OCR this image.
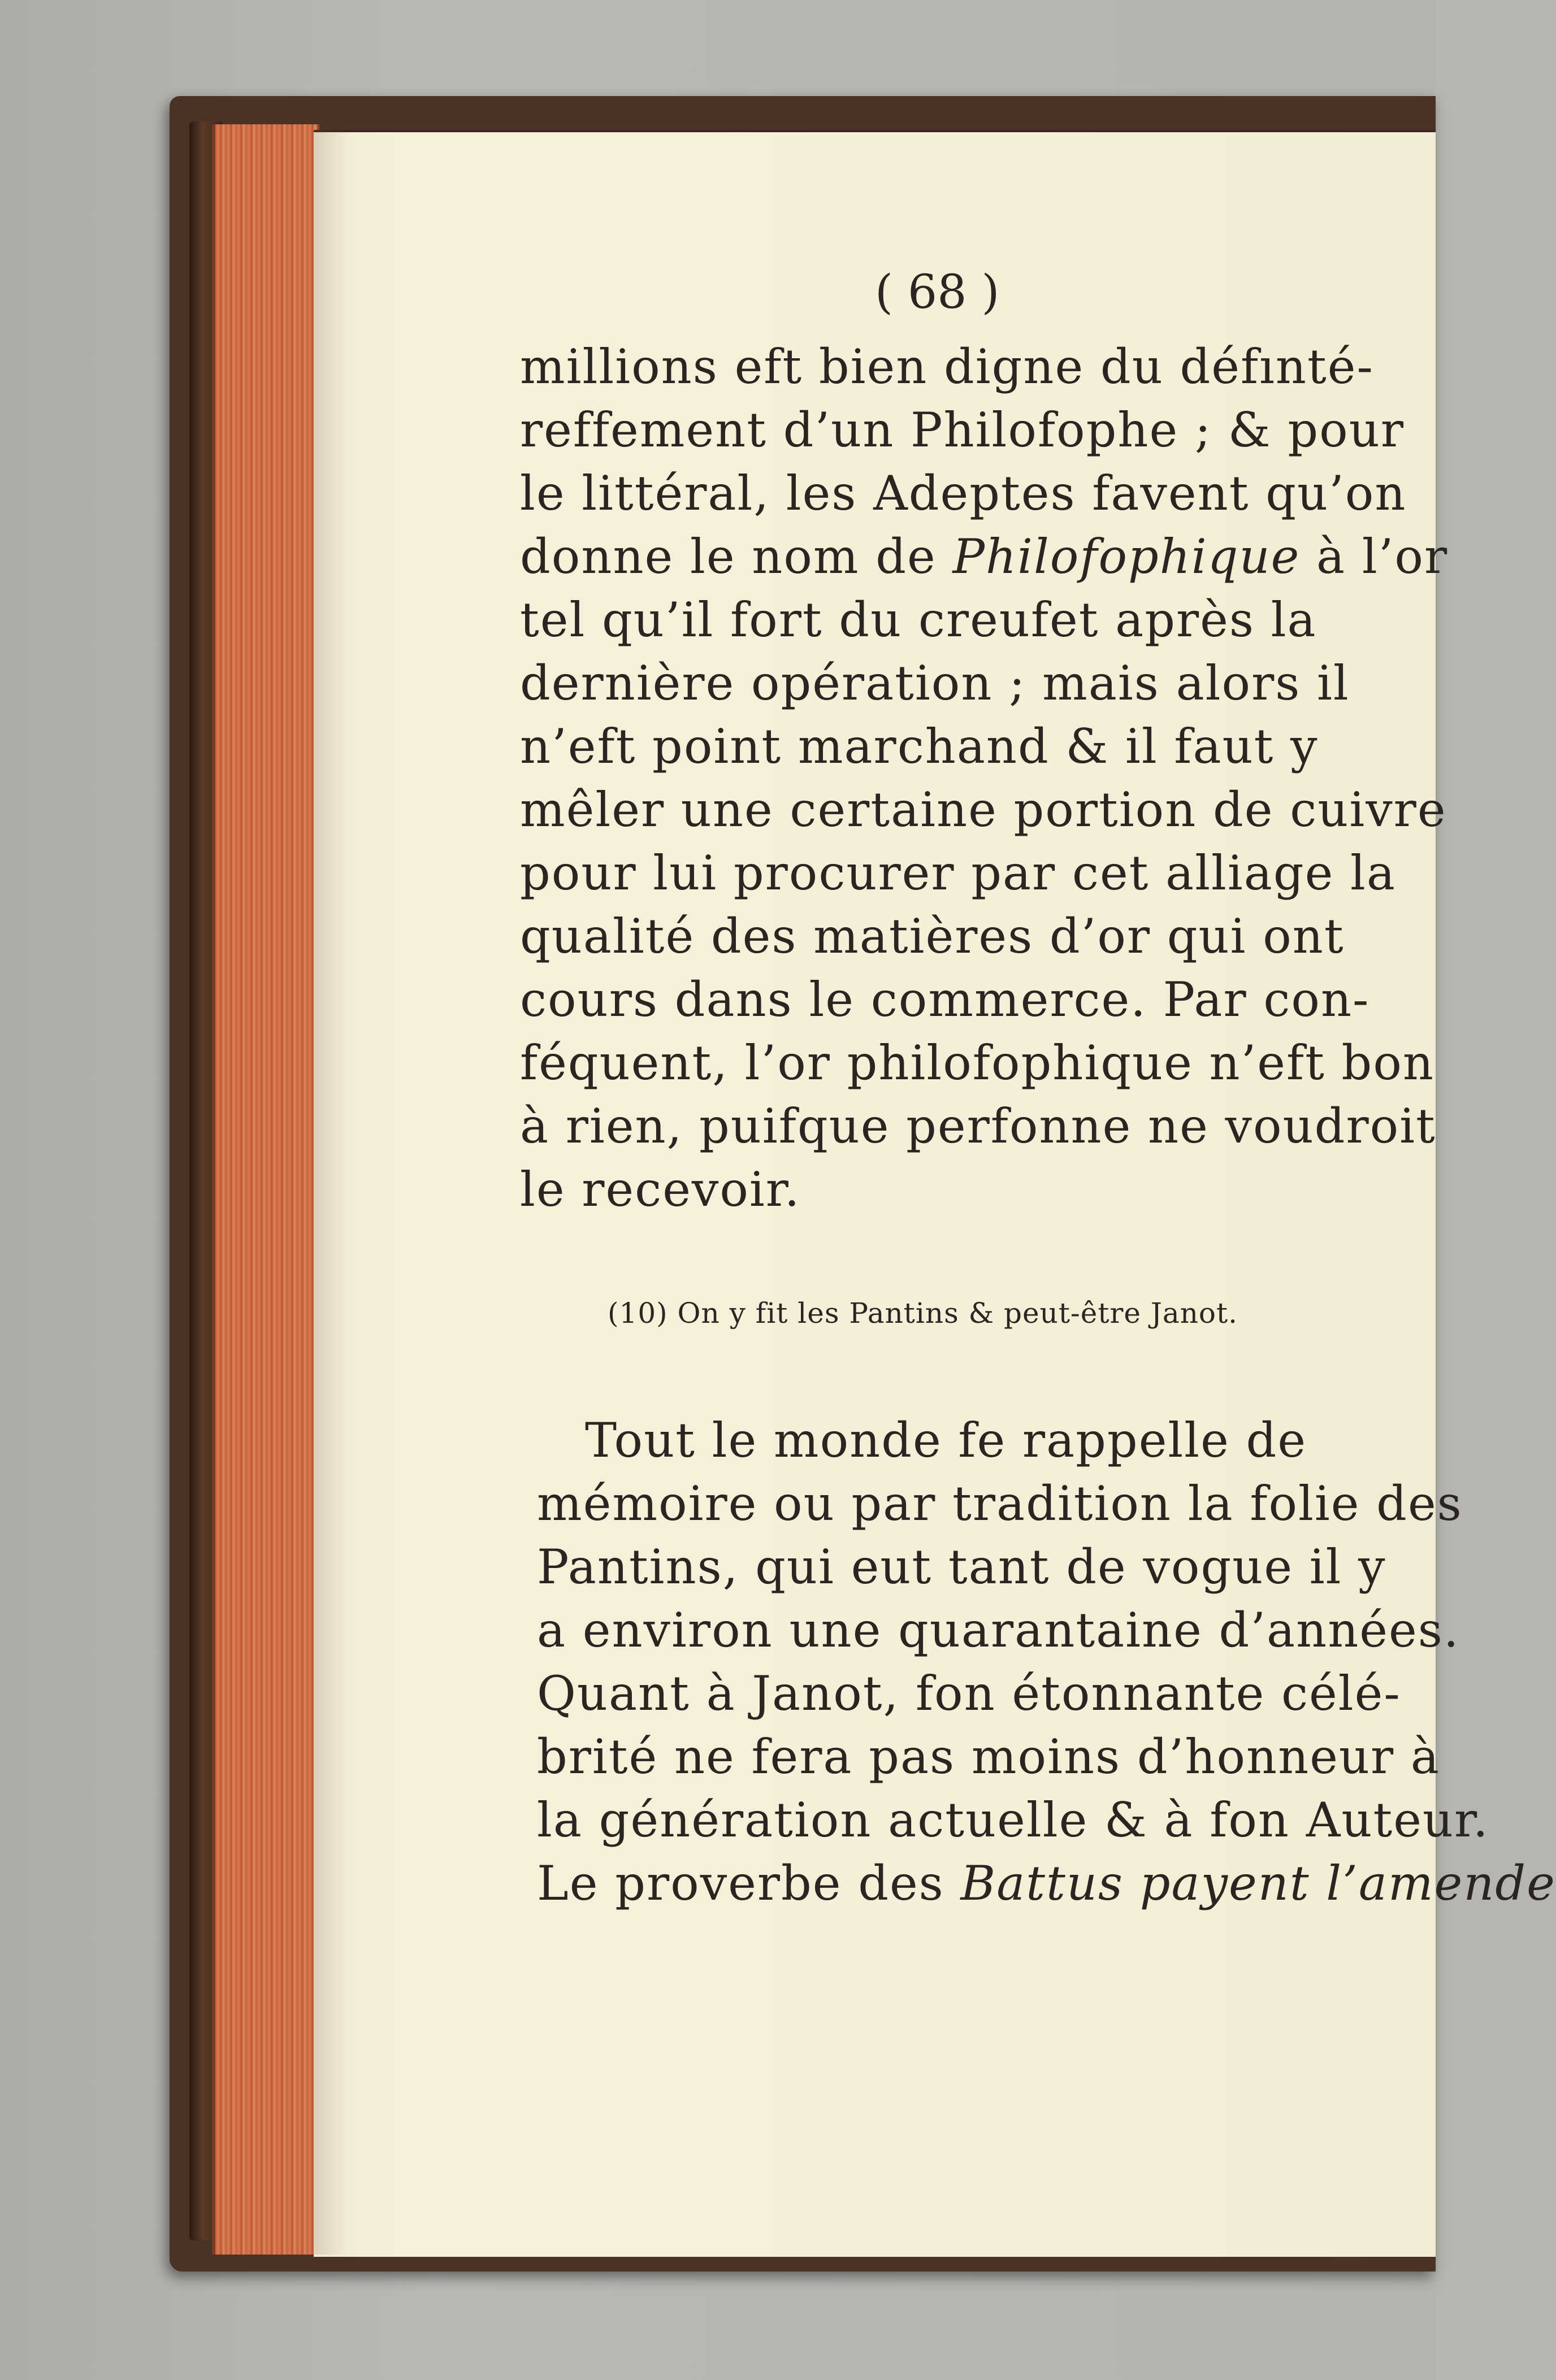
( 68 )
millions eft bien digne du défınté-
reffement d’un Philofophe ; & pour
le littéral, les Adeptes favent qu’on
donne le nom de Philofophique à l’or
tel qu’il fort du creufet après la
dernière opération ; mais alors il
n’eft point marchand & il faut y
mêler une certaine portion de cuivre
pour lui procurer par cet alliage la
qualité des matières d’or qui ont
cours dans le commerce. Par con-
féquent, l’or philofophique n’eft bon
à rien, puifque perfonne ne voudroit
le recevoir.
(10) On y fit les Pantins & peut-être Janot.
Tout le monde fe rappelle de
mémoire ou par tradition la folie des
Pantins, qui eut tant de vogue il y
a environ une quarantaine d’années.
Quant à Janot, fon étonnante célé-
brité ne fera pas moins d’honneur à
la génération actuelle & à fon Auteur.
Le proverbe des Battus payent l’amende
